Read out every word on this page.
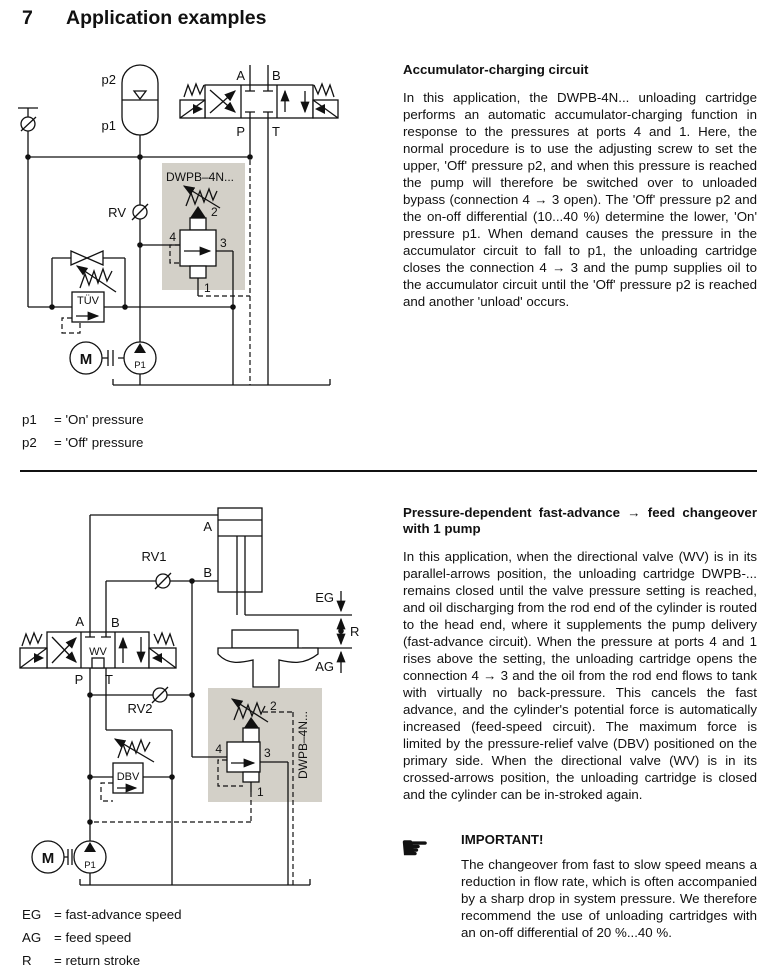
7	Application examples
p2
p1
A B
P T
RV
TÜV
DWPB–4N...
2
4	3
1
M	P1
p1	= 'On' pressure
p2	= 'Off' pressure
Accumulator-charging circuit

In this application, the DWPB-4N... unloading cartridge performs an automatic accumulator-charging function in response to the pressures at ports 4 and 1. Here, the normal procedure is to use the adjusting screw to set the upper, 'Off' pressure p2, and when this pressure is reached the pump will therefore be switched over to unloaded bypass (connection 4 → 3 open). The 'Off' pressure p2 and the on-off differential (10...40 %) determine the lower, 'On' pressure p1. When demand causes the pressure in the accumulator circuit to fall to p1, the unloading cartridge closes the connection 4 → 3 and the pump supplies oil to the accumulator circuit until the 'Off' pressure p2 is reached and another 'unload' occurs.

A
B
RV1
RV2
EG
R
AG
A B
WV
P T
DBV	DWPB–4N...
2
4	3
1
M	P1
Pressure-dependent fast-advance → feed changeover with 1 pump

In this application, when the directional valve (WV) is in its parallel-arrows position, the unloading cartridge DWPB-... remains closed until the valve pressure setting is reached, and oil discharging from the rod end of the cylinder is routed to the head end, where it supplements the pump delivery (fast-advance circuit). When the pressure at ports 4 and 1 rises above the setting, the unloading cartridge opens the connection 4 → 3 and the oil from the rod end flows to tank with virtually no back-pressure. This cancels the fast advance, and the cylinder's potential force is automatically increased (feed-speed circuit). The maximum force is limited by the pressure-relief valve (DBV) positioned on the primary side. When the directional valve (WV) is in its crossed-arrows position, the unloading cartridge is closed and the cylinder can be in-stroked again.

☛	IMPORTANT!

The changeover from fast to slow speed means a reduction in flow rate, which is often accompanied by a sharp drop in system pressure. We therefore recommend the use of unloading cartridges with an on-off differential of 20 %...40 %.

EG = fast-advance speed
AG = feed speed
R	= return stroke
